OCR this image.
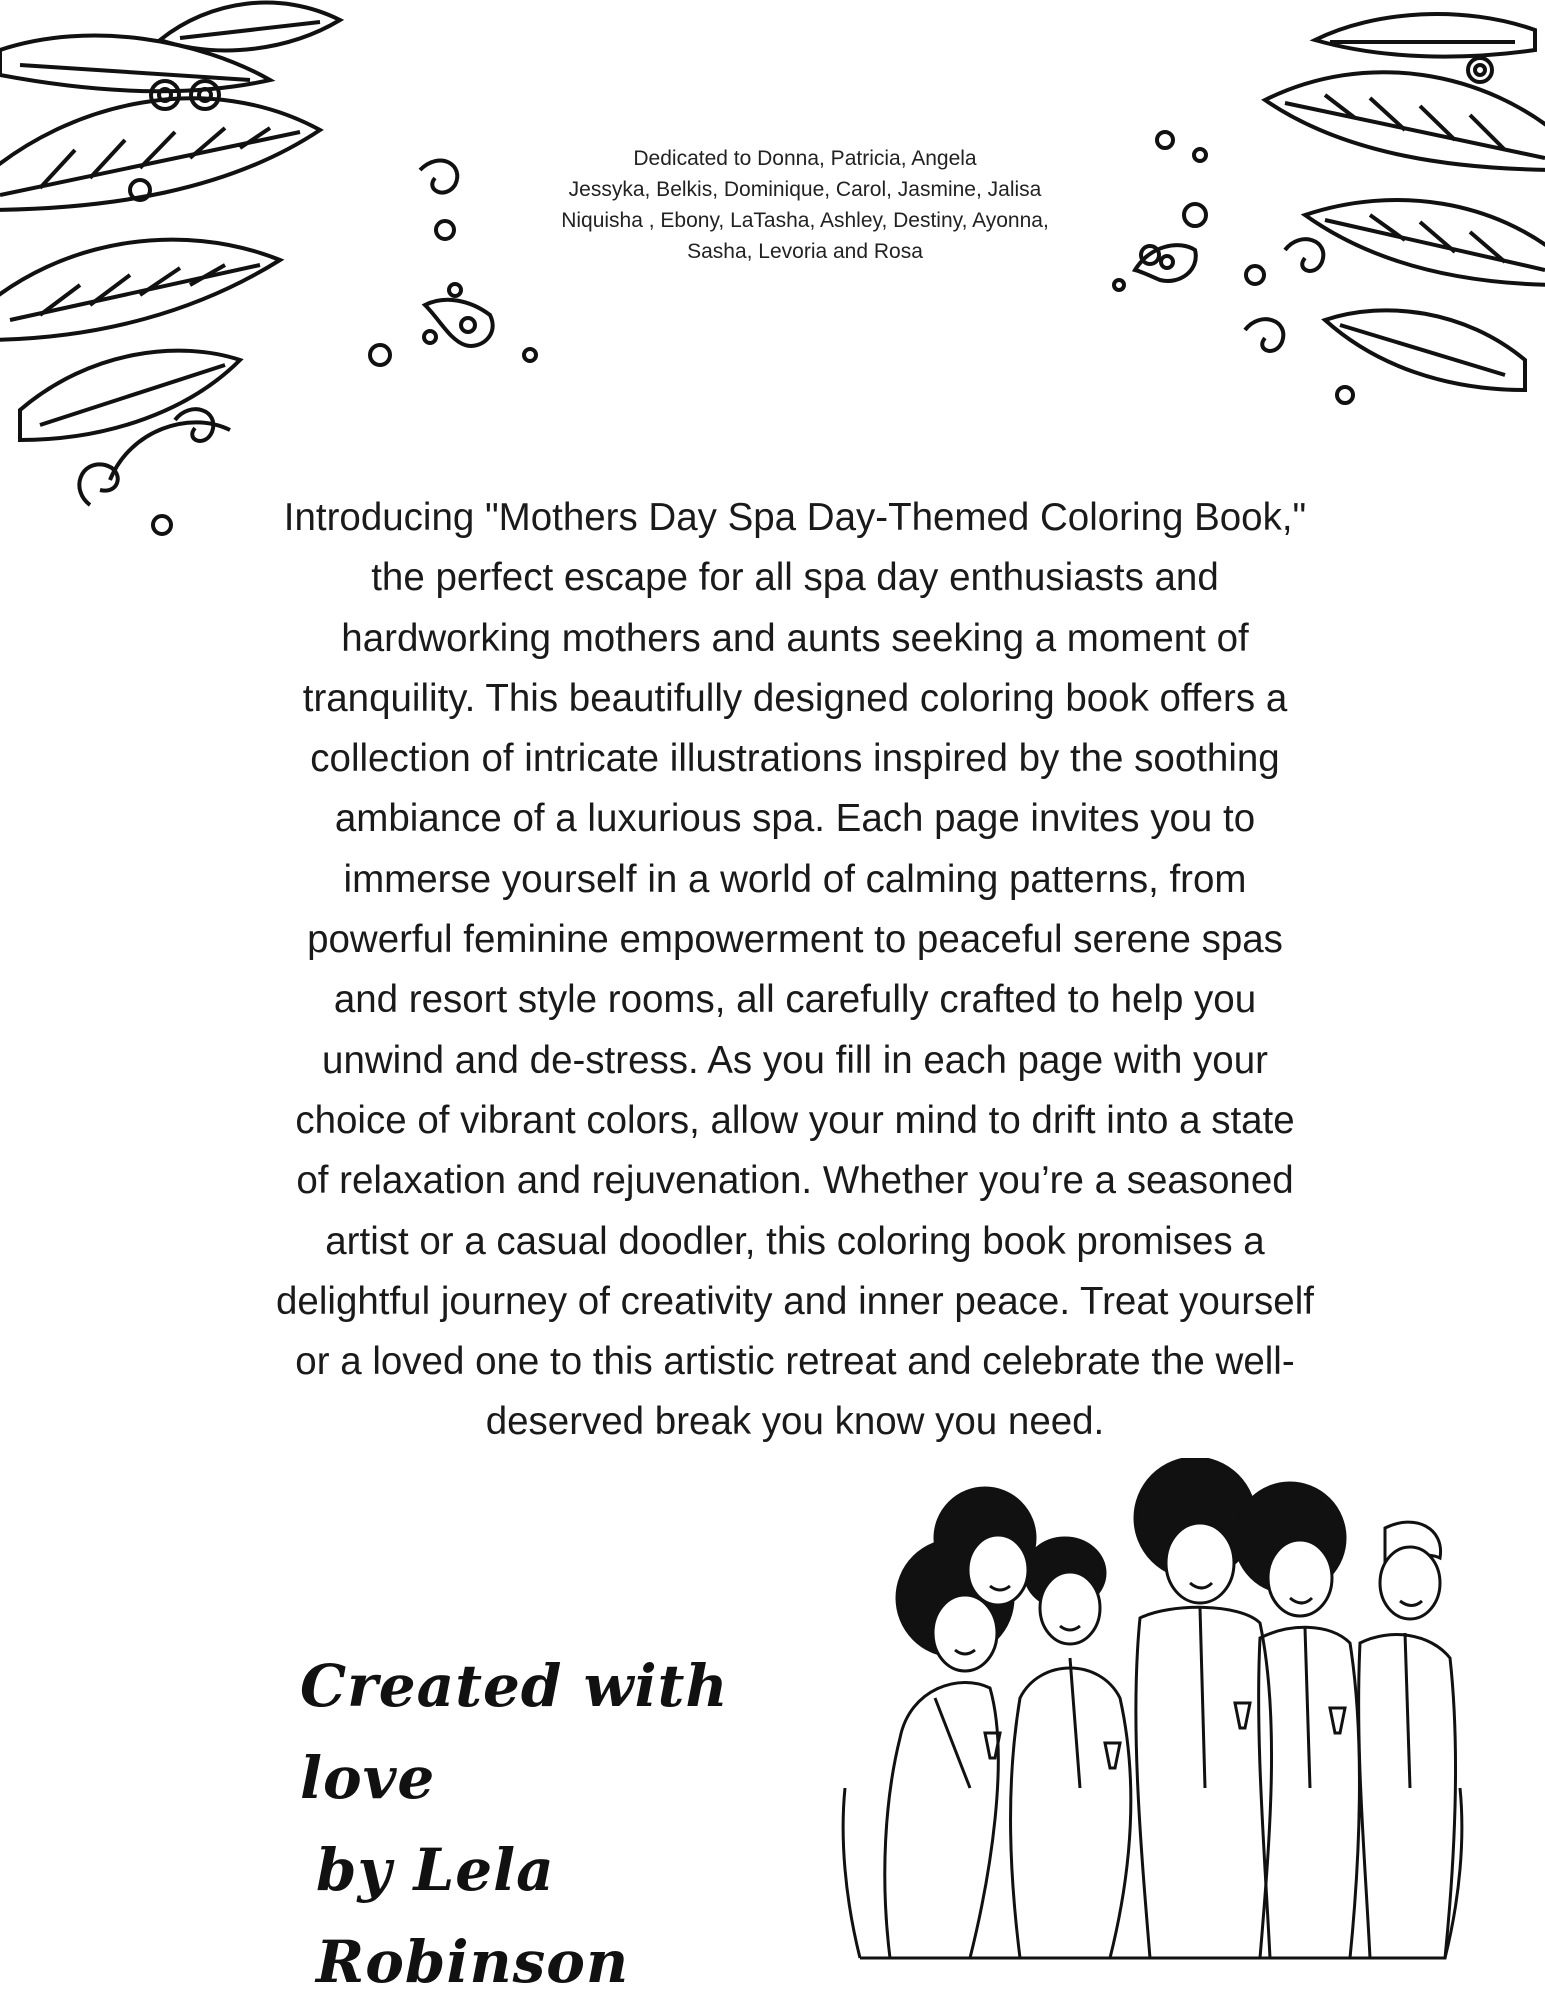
Dedicated to Donna, Patricia, Angela
Jessyka, Belkis, Dominique, Carol, Jasmine, Jalisa
Niquisha , Ebony, LaTasha, Ashley, Destiny, Ayonna,
Sasha, Levoria and Rosa
Introducing "Mothers Day Spa Day-Themed Coloring Book,"
the perfect escape for all spa day enthusiasts and
hardworking mothers and aunts seeking a moment of
tranquility. This beautifully designed coloring book offers a
collection of intricate illustrations inspired by the soothing
ambiance of a luxurious spa. Each page invites you to
immerse yourself in a world of calming patterns, from
powerful feminine empowerment to peaceful serene spas
and resort style rooms, all carefully crafted to help you
unwind and de-stress. As you fill in each page with your
choice of vibrant colors, allow your mind to drift into a state
of relaxation and rejuvenation. Whether you’re a seasoned
artist or a casual doodler, this coloring book promises a
delightful journey of creativity and inner peace. Treat yourself
or a loved one to this artistic retreat and celebrate the well-
deserved break you know you need.
Created with love
by Lela Robinson
